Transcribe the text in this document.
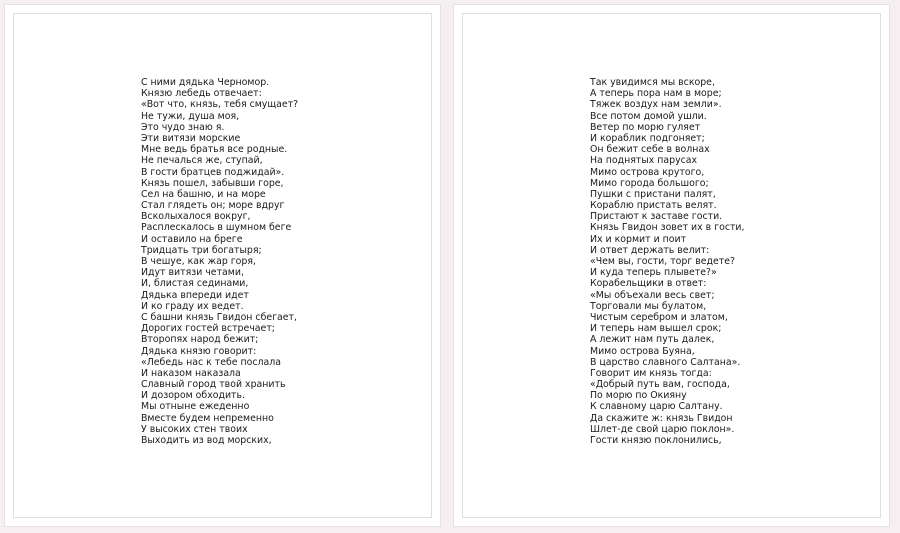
С ними дядька Черномор.
Князю лебедь отвечает:
«Вот что, князь, тебя смущает?
Не тужи, душа моя,
Это чудо знаю я.
Эти витязи морские
Мне ведь братья все родные.
Не печалься же, ступай,
В гости братцев поджидай».
Князь пошел, забывши горе,
Сел на башню, и на море
Стал глядеть он; море вдруг
Всколыхалося вокруг,
Расплескалось в шумном беге
И оставило на бреге
Тридцать три богатыря;
В чешуе, как жар горя,
Идут витязи четами,
И, блистая сединами,
Дядька впереди идет
И ко граду их ведет.
С башни князь Гвидон сбегает,
Дорогих гостей встречает;
Второпях народ бежит;
Дядька князю говорит:
«Лебедь нас к тебе послала
И наказом наказала
Славный город твой хранить
И дозором обходить.
Мы отныне ежеденно
Вместе будем непременно
У высоких стен твоих
Выходить из вод морских,
Так увидимся мы вскоре,
А теперь пора нам в море;
Тяжек воздух нам земли».
Все потом домой ушли.
Ветер по морю гуляет
И кораблик подгоняет;
Он бежит себе в волнах
На поднятых парусах
Мимо острова крутого,
Мимо города большого;
Пушки с пристани палят,
Кораблю пристать велят.
Пристают к заставе гости.
Князь Гвидон зовет их в гости,
Их и кормит и поит
И ответ держать велит:
«Чем вы, гости, торг ведете?
И куда теперь плывете?»
Корабельщики в ответ:
«Мы объехали весь свет;
Торговали мы булатом,
Чистым серебром и златом,
И теперь нам вышел срок;
А лежит нам путь далек,
Мимо острова Буяна,
В царство славного Салтана».
Говорит им князь тогда:
«Добрый путь вам, господа,
По морю по Окияну
К славному царю Салтану.
Да скажите ж: князь Гвидон
Шлет-де свой царю поклон».
Гости князю поклонились,
